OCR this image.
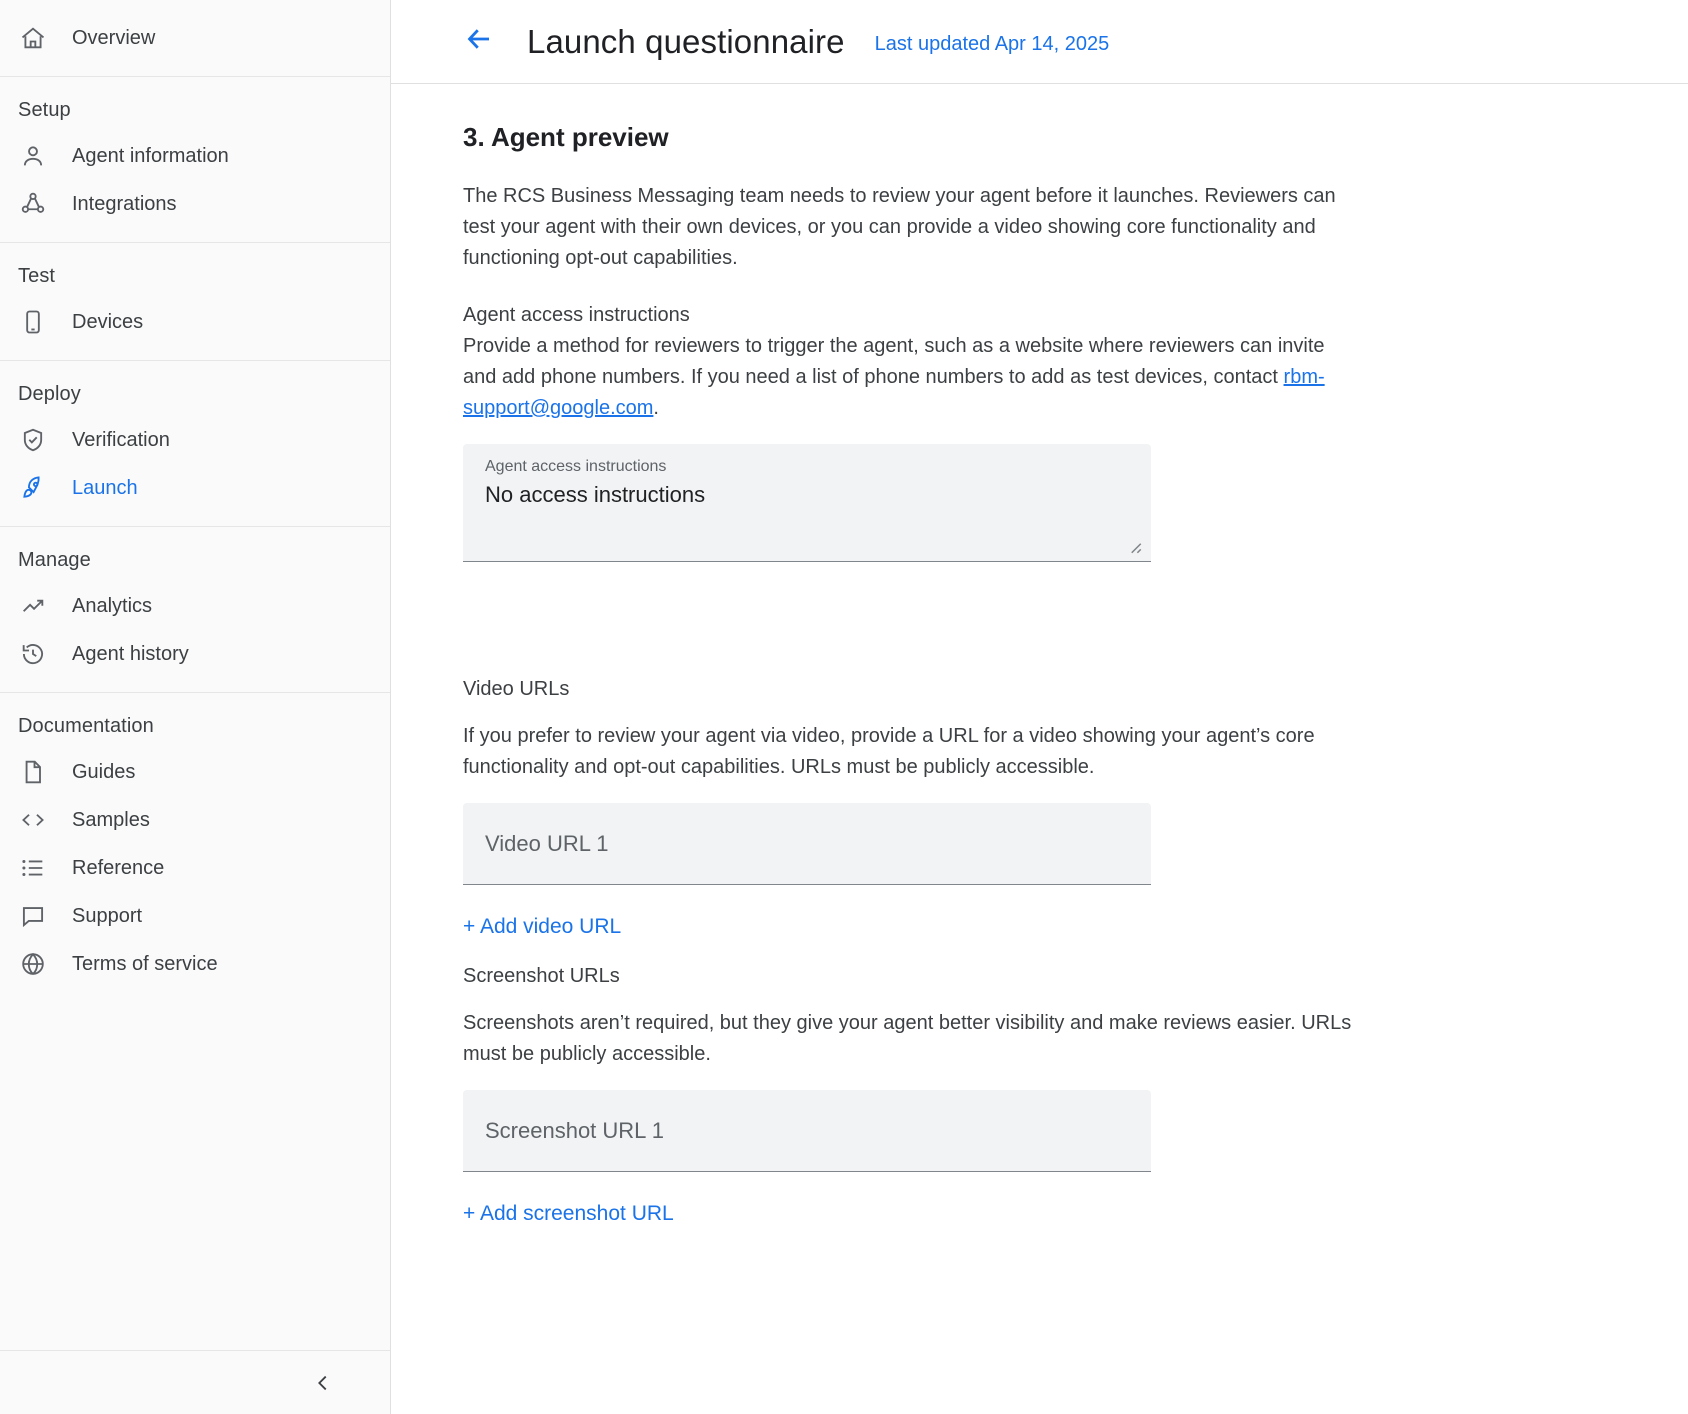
Overview
Setup
Agent information
Integrations
Test
Devices
Deploy
Verification
Launch
Manage
Analytics
Agent history
Documentation
Guides
Samples
Reference
Support
Terms of service
Launch questionnaire Last updated Apr 14, 2025
3. Agent preview

The RCS Business Messaging team needs to review your agent before it launches. Reviewers can test your agent with their own devices, or you can provide a video showing core functionality and functioning opt-out capabilities.

Agent access instructions

Provide a method for reviewers to trigger the agent, such as a website where reviewers can invite and add phone numbers. If you need a list of phone numbers to add as test devices, contact rbm-support@google.com.

Agent access instructions
No access instructions

Video URLs

If you prefer to review your agent via video, provide a URL for a video showing your agent’s core functionality and opt-out capabilities. URLs must be publicly accessible.

Video URL 1
+ Add video URL

Screenshot URLs

Screenshots aren’t required, but they give your agent better visibility and make reviews easier. URLs must be publicly accessible.

Screenshot URL 1
+ Add screenshot URL
